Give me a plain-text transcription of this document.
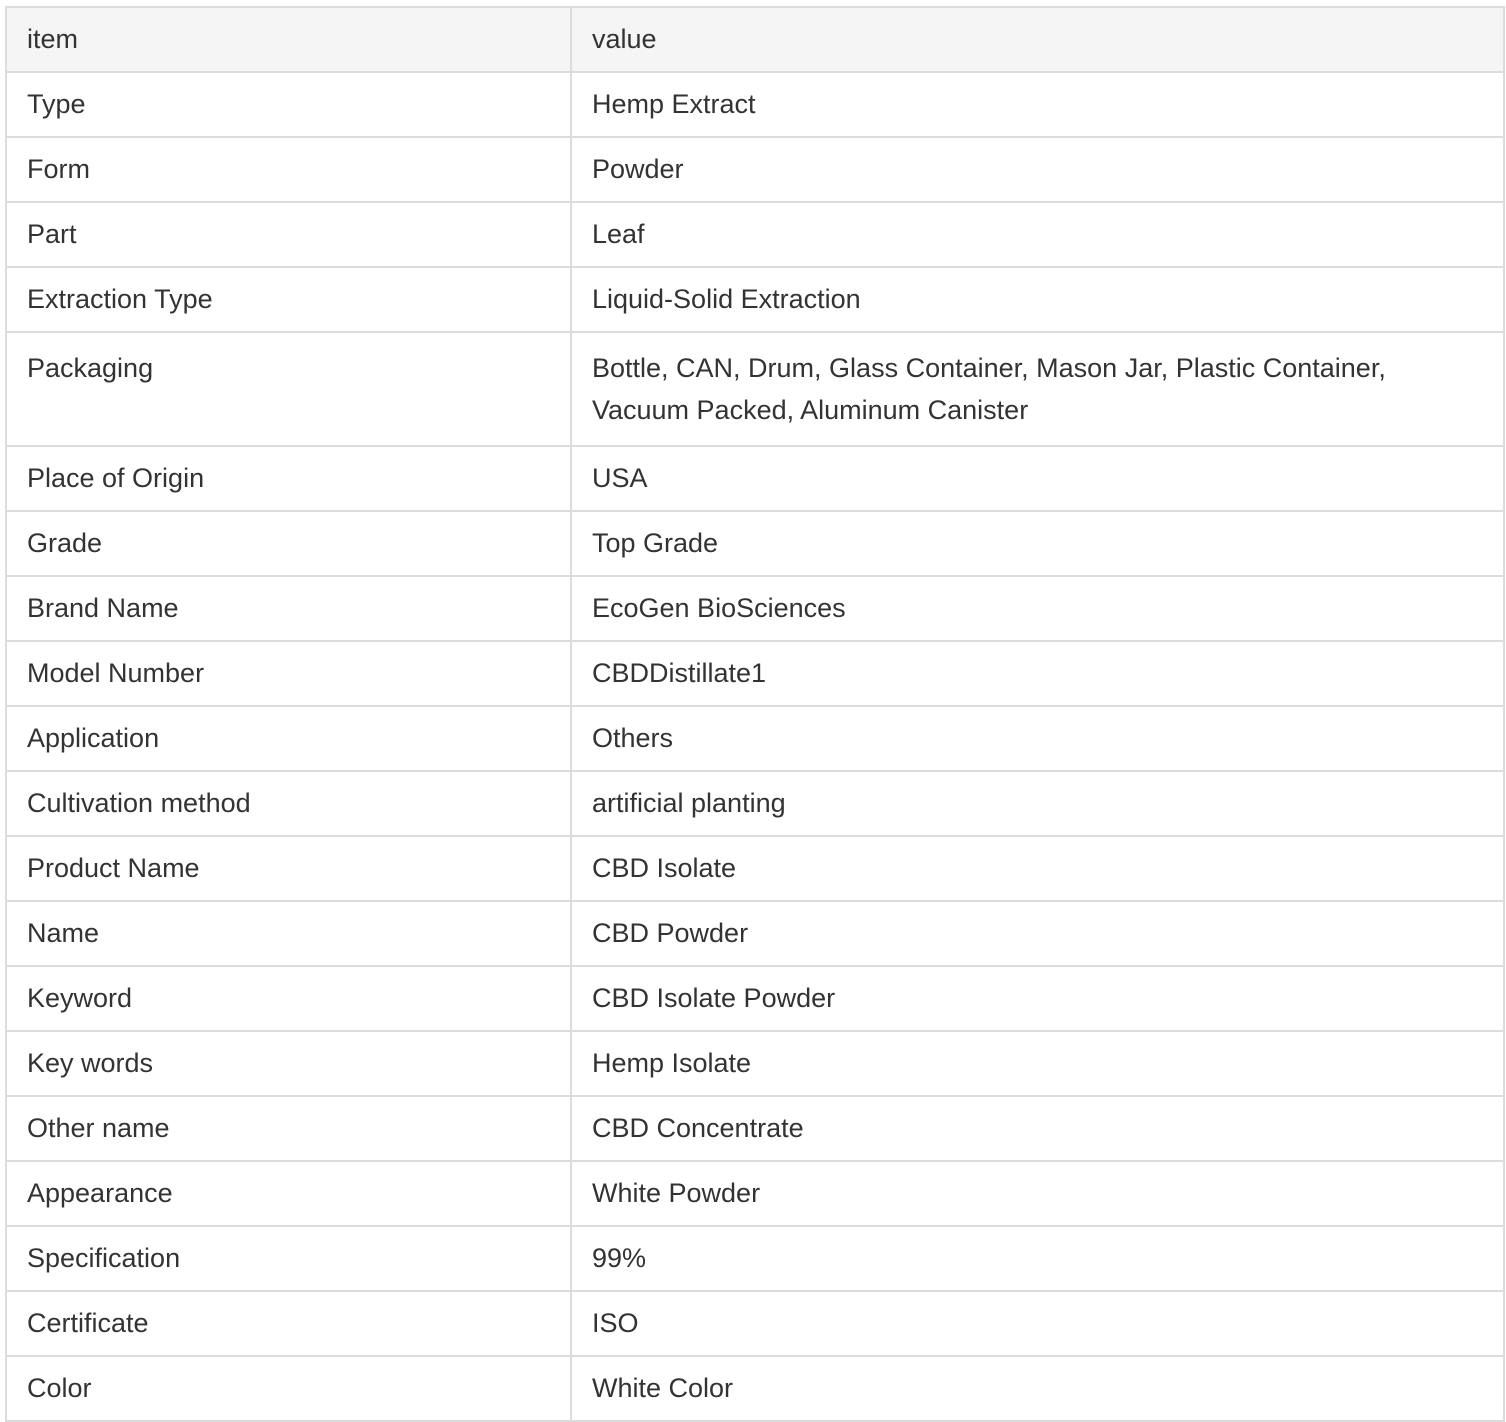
item	value
Type	Hemp Extract
Form	Powder
Part	Leaf
Extraction Type	Liquid-Solid Extraction
Packaging	Bottle, CAN, Drum, Glass Container, Mason Jar, Plastic Container, Vacuum Packed, Aluminum Canister
Place of Origin	USA
Grade	Top Grade
Brand Name	EcoGen BioSciences
Model Number	CBDDistillate1
Application	Others
Cultivation method	artificial planting
Product Name	CBD Isolate
Name	CBD Powder
Keyword	CBD Isolate Powder
Key words	Hemp Isolate
Other name	CBD Concentrate
Appearance	White Powder
Specification	99%
Certificate	ISO
Color	White Color
